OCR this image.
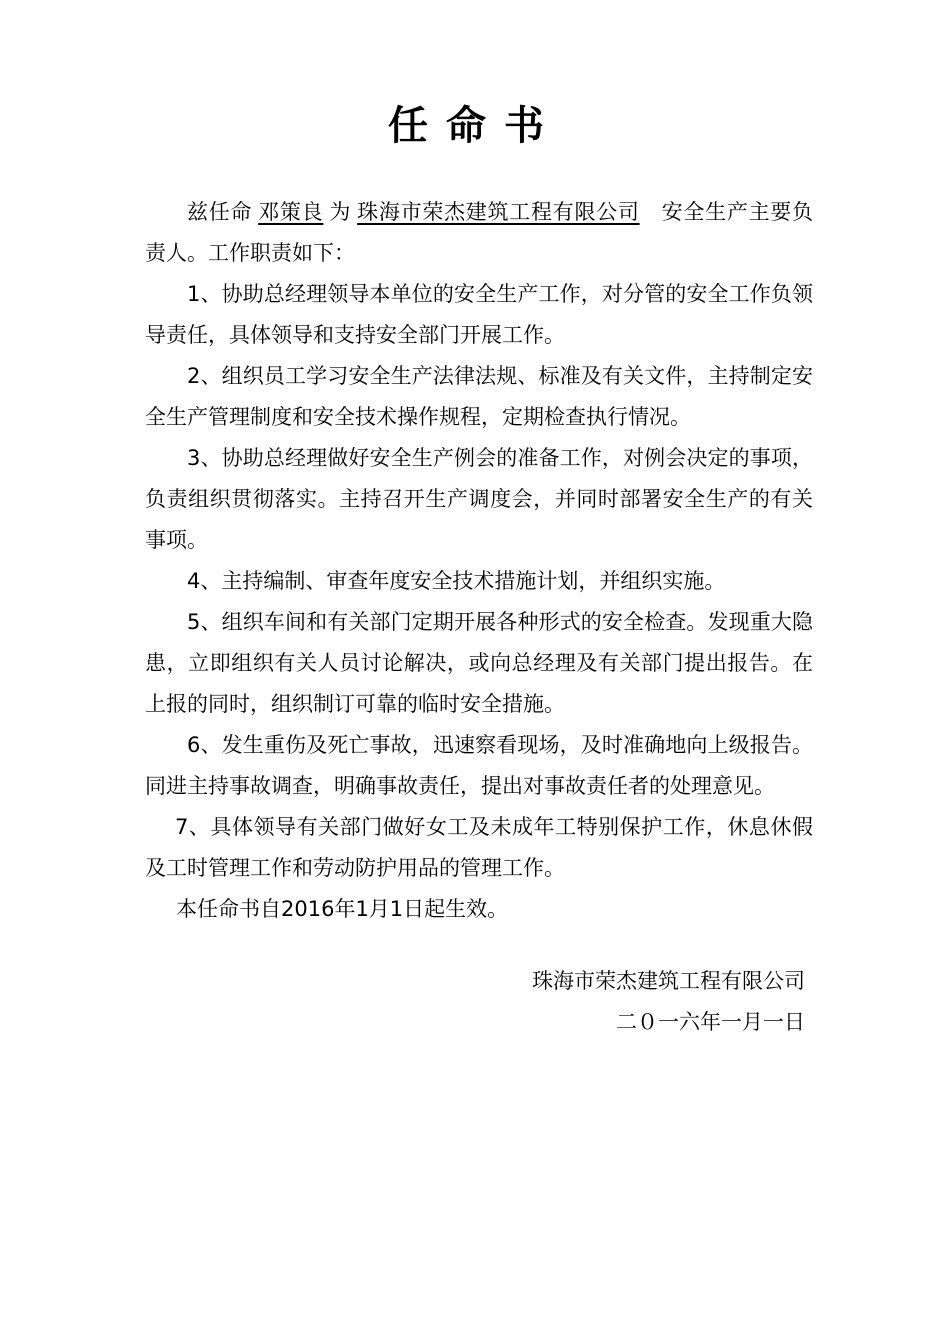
任命书

兹任命 邓策良 为 珠海市荣杰建筑工程有限公司 安全生产主要负责人。工作职责如下：

1、协助总经理领导本单位的安全生产工作，对分管的安全工作负领导责任，具体领导和支持安全部门开展工作。

2、组织员工学习安全生产法律法规、标准及有关文件，主持制定安全生产管理制度和安全技术操作规程，定期检查执行情况。

3、协助总经理做好安全生产例会的准备工作，对例会决定的事项，负责组织贯彻落实。主持召开生产调度会，并同时部署安全生产的有关事项。

4、主持编制、审查年度安全技术措施计划，并组织实施。

5、组织车间和有关部门定期开展各种形式的安全检查。发现重大隐患，立即组织有关人员讨论解决，或向总经理及有关部门提出报告。在上报的同时，组织制订可靠的临时安全措施。

6、发生重伤及死亡事故，迅速察看现场，及时准确地向上级报告。同进主持事故调查，明确事故责任，提出对事故责任者的处理意见。

7、具体领导有关部门做好女工及未成年工特别保护工作，休息休假及工时管理工作和劳动防护用品的管理工作。

本任命书自2016年1月1日起生效。

珠海市荣杰建筑工程有限公司
二０一六年一月一日
